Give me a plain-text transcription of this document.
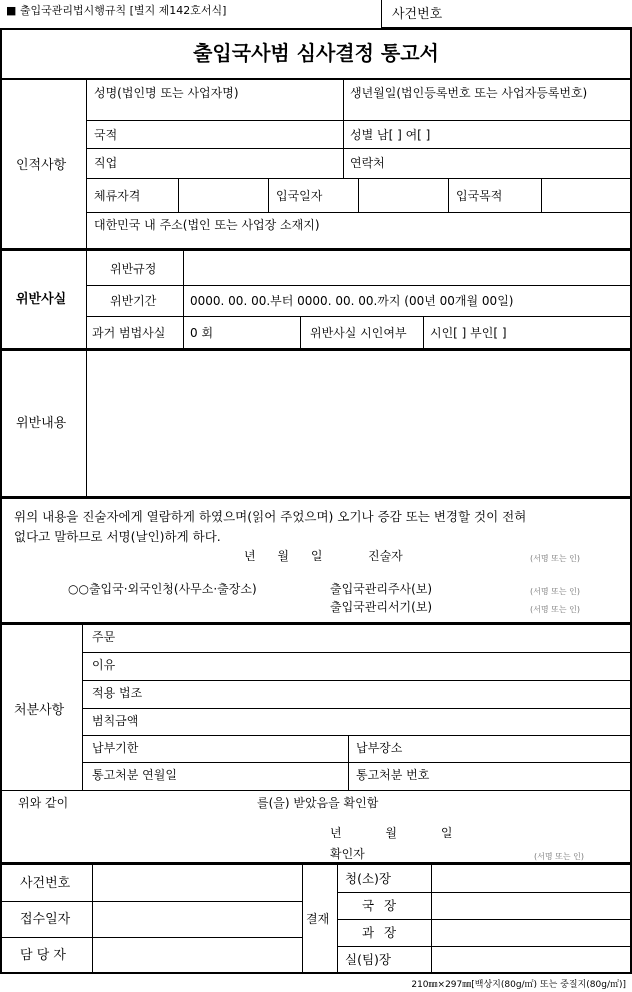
■ 출입국관리법시행규칙 [별지 제142호서식]	사건번호
출입국사범 심사결정 통고서
인적사항
성명(법인명 또는 사업자명)	생년월일(법인등록번호 또는 사업자등록번호)
국적	성별 남[ ] 여[ ]
직업	연락처
체류자격	입국일자	입국목적
대한민국 내 주소(법인 또는 사업장 소재지)
위반사실
위반규정
위반기간	0000. 00. 00.부터 0000. 00. 00.까지 (00년 00개월 00일)
과거 범법사실 0 회	위반사실 시인여부 시인[ ] 부인[ ]
위반내용
위의 내용을 진술자에게 열람하게 하였으며(읽어 주었으며) 오기나 증감 또는 변경할 것이 전혀
없다고 말하므로 서명(날인)하게 하다.
년 월 일	진술자	(서명 또는 인)
○○출입국·외국인청(사무소·출장소)	출입국관리주사(보)	(서명 또는 인)
출입국관리서기(보)	(서명 또는 인)
처분사항
주문
이유
적용 법조
범칙금액
납부기한	납부장소
통고처분 연월일	통고처분 번호
위와 같이	를(을) 받았음을 확인함
년 월 일
확인자	(서명 또는 인)
사건번호
접수일자
담 당 자
결재
청(소)장
국 장
과 장
실(팀)장
210㎜×297㎜[백상지(80g/㎡) 또는 중질지(80g/㎡)]
